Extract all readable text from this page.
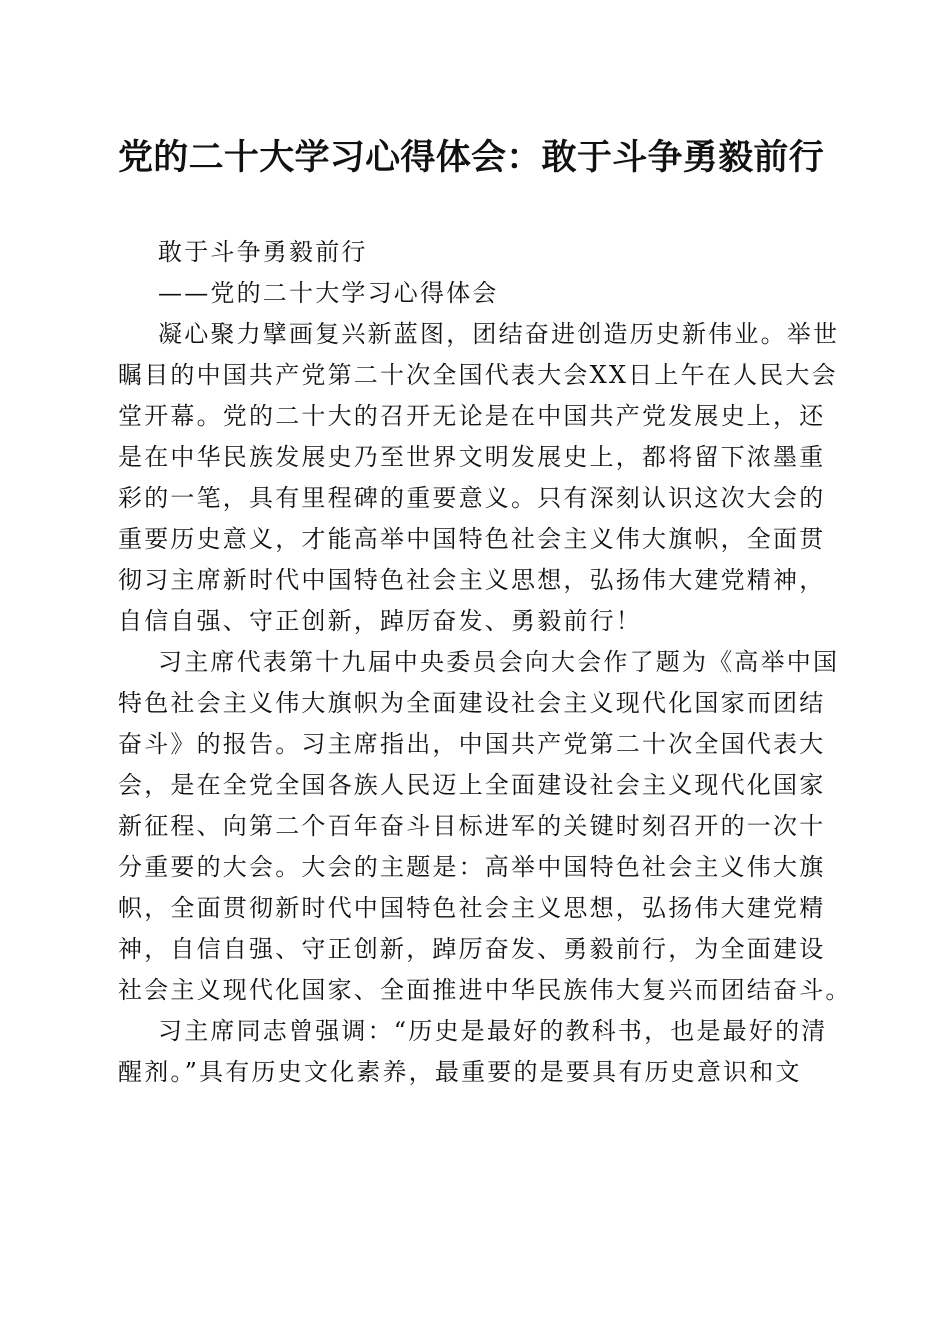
党的二十大学习心得体会：敢于斗争勇毅前行
敢于斗争勇毅前行
——党的二十大学习心得体会
凝心聚力擘画复兴新蓝图，团结奋进创造历史新伟业。举世
瞩目的中国共产党第二十次全国代表大会XX日上午在人民大会
堂开幕。党的二十大的召开无论是在中国共产党发展史上，还
是在中华民族发展史乃至世界文明发展史上，都将留下浓墨重
彩的一笔，具有里程碑的重要意义。只有深刻认识这次大会的
重要历史意义，才能高举中国特色社会主义伟大旗帜，全面贯
彻习主席新时代中国特色社会主义思想，弘扬伟大建党精神，
自信自强、守正创新，踔厉奋发、勇毅前行！
习主席代表第十九届中央委员会向大会作了题为《高举中国
特色社会主义伟大旗帜为全面建设社会主义现代化国家而团结
奋斗》的报告。习主席指出，中国共产党第二十次全国代表大
会，是在全党全国各族人民迈上全面建设社会主义现代化国家
新征程、向第二个百年奋斗目标进军的关键时刻召开的一次十
分重要的大会。大会的主题是：高举中国特色社会主义伟大旗
帜，全面贯彻新时代中国特色社会主义思想，弘扬伟大建党精
神，自信自强、守正创新，踔厉奋发、勇毅前行，为全面建设
社会主义现代化国家、全面推进中华民族伟大复兴而团结奋斗。
习主席同志曾强调：“历史是最好的教科书，也是最好的清
醒剂。”具有历史文化素养，最重要的是要具有历史意识和文
